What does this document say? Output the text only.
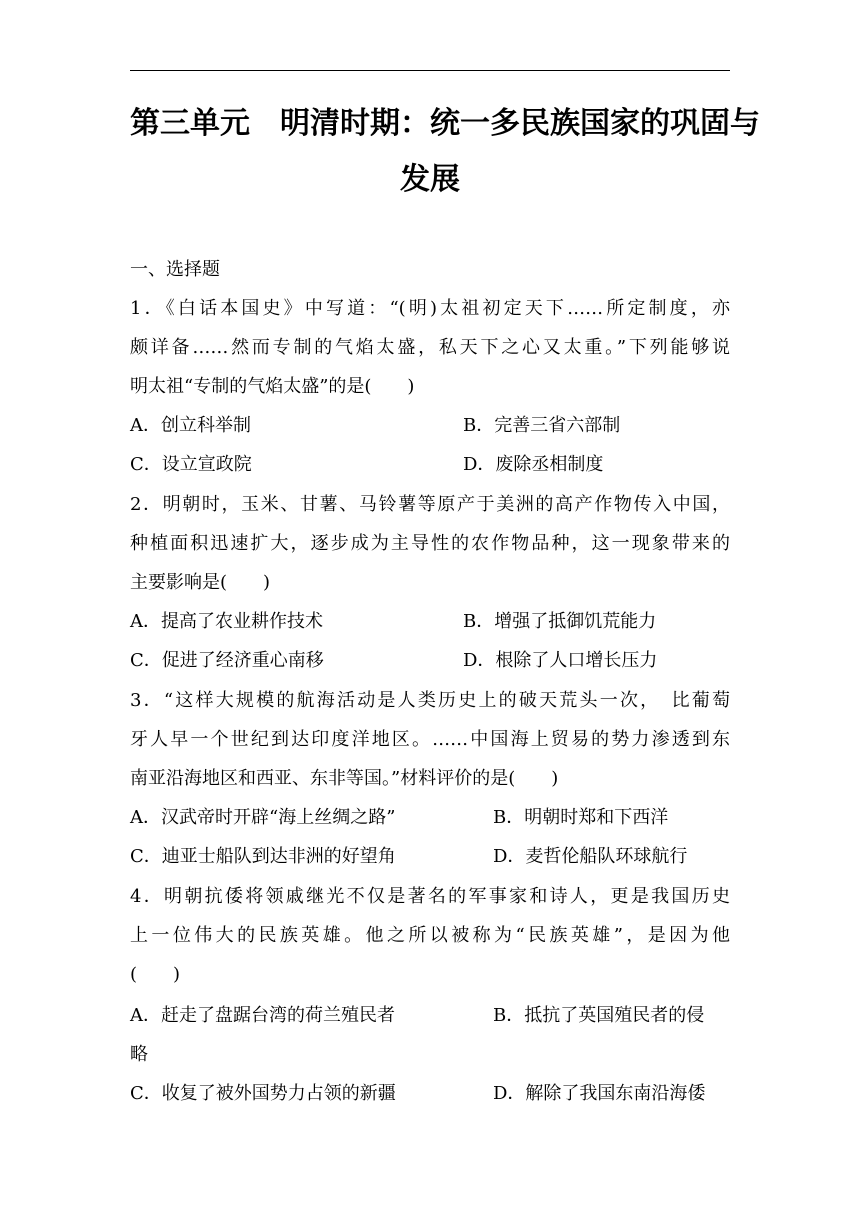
第三单元　明清时期：统一多民族国家的巩固与
发展
一、选择题
1．《白话本国史》中写道：“(明)太祖初定天下……所定制度，亦
颇详备……然而专制的气焰太盛，私天下之心又太重。”下列能够说
明太祖“专制的气焰太盛”的是(　　)
A．创立科举制	B．完善三省六部制
C．设立宣政院	D．废除丞相制度
2．明朝时，玉米、甘薯、马铃薯等原产于美洲的高产作物传入中国，
种植面积迅速扩大，逐步成为主导性的农作物品种，这一现象带来的
主要影响是(　　)
A．提高了农业耕作技术	B．增强了抵御饥荒能力
C．促进了经济重心南移	D．根除了人口增长压力
3．“这样大规模的航海活动是人类历史上的破天荒头一次，　比葡萄
牙人早一个世纪到达印度洋地区。……中国海上贸易的势力渗透到东
南亚沿海地区和西亚、东非等国。”材料评价的是(　　)
A．汉武帝时开辟“海上丝绸之路”	B．明朝时郑和下西洋
C．迪亚士船队到达非洲的好望角	D．麦哲伦船队环球航行
4．明朝抗倭将领戚继光不仅是著名的军事家和诗人，更是我国历史
上一位伟大的民族英雄。他之所以被称为“民族英雄”，是因为他
(　　)
A．赶走了盘踞台湾的荷兰殖民者	B．抵抗了英国殖民者的侵
略
C．收复了被外国势力占领的新疆	D．解除了我国东南沿海倭
